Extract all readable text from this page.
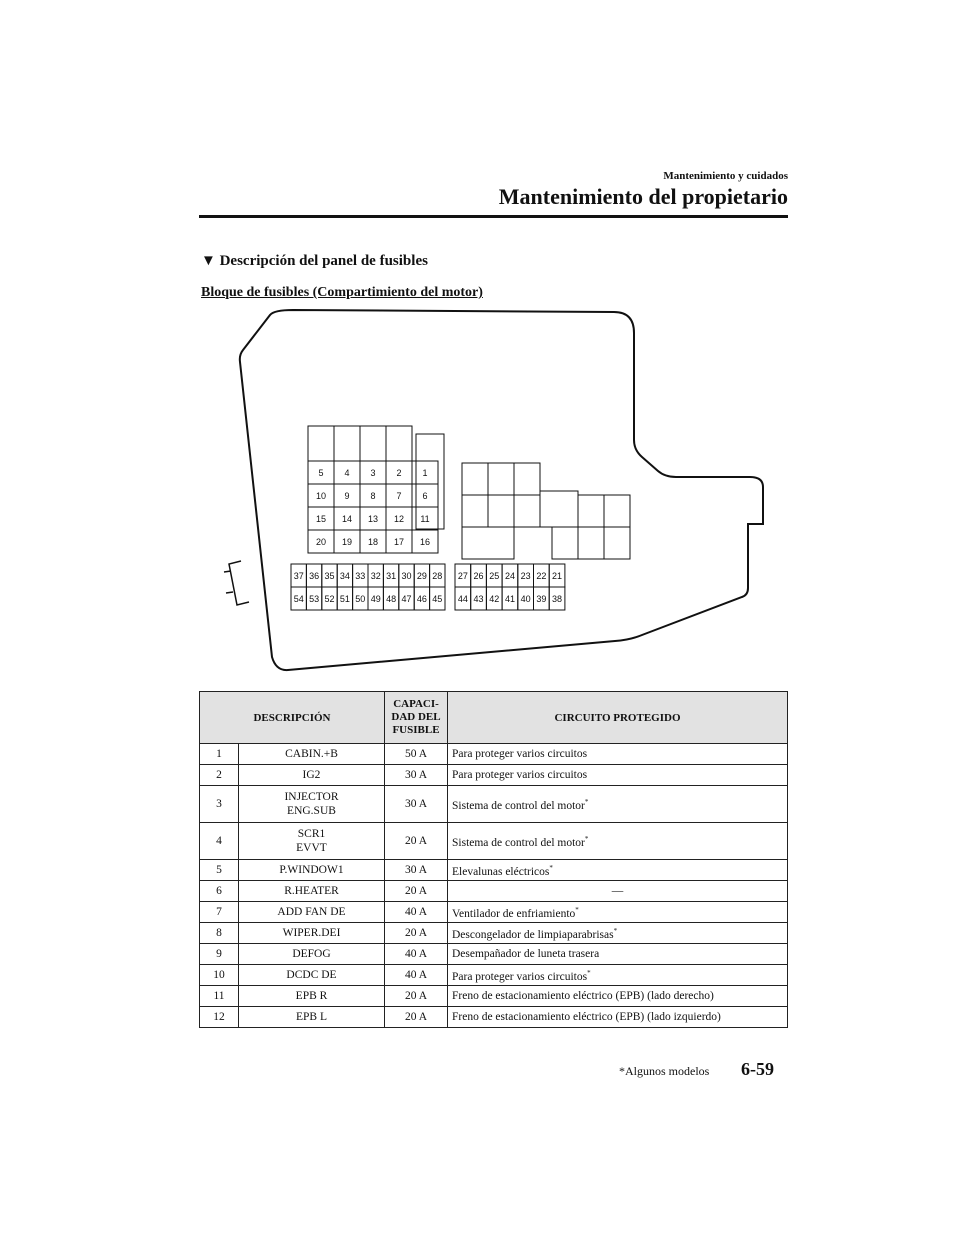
Mantenimiento y cuidados
Mantenimiento del propietario
▼ Descripción del panel de fusibles
Bloque de fusibles (Compartimiento del motor)
5 4 3 2 1
10 9 8 7 6
15 14 13 12 11
20 19 18 17 16
37 36 35 34 33 32 31 30 29 28
54 53 52 51 50 49 48 47 46 45
27 26 25 24 23 22 21
44 43 42 41 40 39 38
DESCRIPCIÓN		CAPACI-
DAD DEL
FUSIBLE	CIRCUITO PROTEGIDO
1	CABIN.+B	50 A	Para proteger varios circuitos
2	IG2	30 A	Para proteger varios circuitos
3	INJECTOR
ENG.SUB	30 A	Sistema de control del motor*
4	SCR1
EVVT	20 A	Sistema de control del motor*
5	P.WINDOW1	30 A	Elevalunas eléctricos*
6	R.HEATER	20 A	—
7	ADD FAN DE	40 A	Ventilador de enfriamiento*
8	WIPER.DEI	20 A	Descongelador de limpiaparabrisas*
9	DEFOG	40 A	Desempañador de luneta trasera
10	DCDC DE	40 A	Para proteger varios circuitos*
11	EPB R	20 A	Freno de estacionamiento eléctrico (EPB) (lado derecho)
12	EPB L	20 A	Freno de estacionamiento eléctrico (EPB) (lado izquierdo)
*Algunos modelos 6-59
